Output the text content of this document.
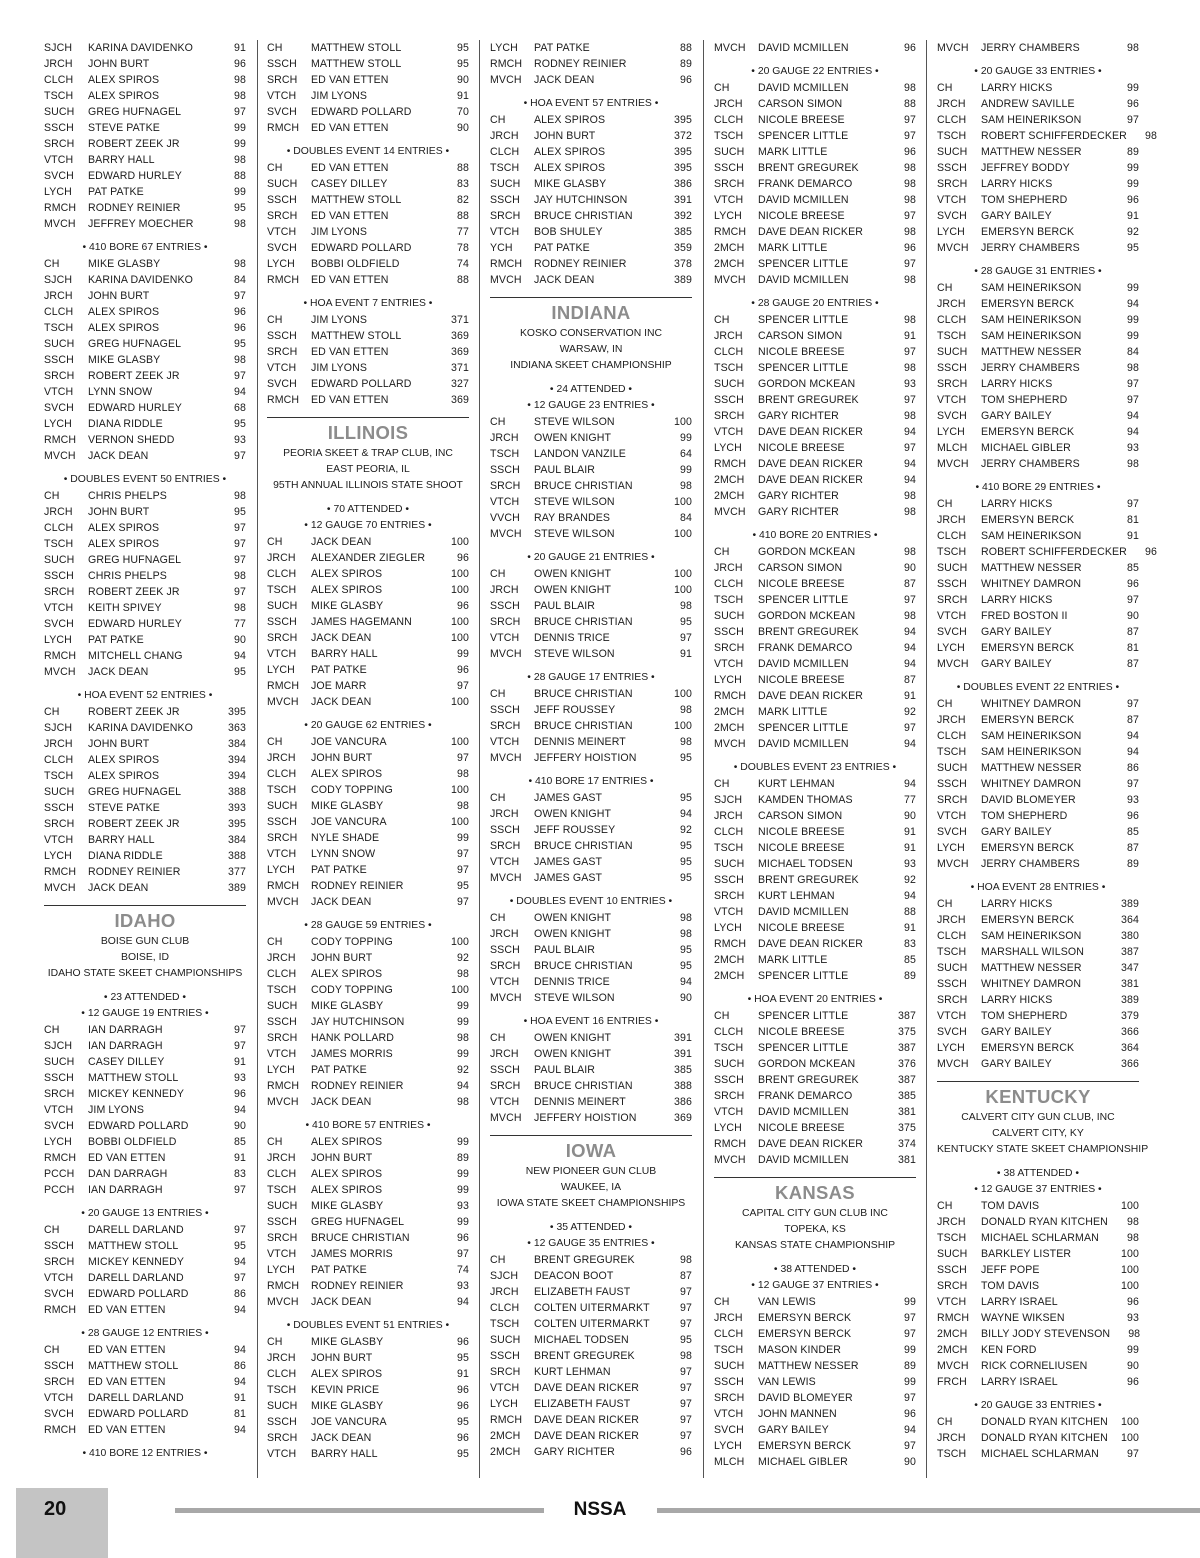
SJCH	KARINA DAVIDENKO	91
JRCH	JOHN BURT	96
CLCH	ALEX SPIROS	98
TSCH	ALEX SPIROS	98
SUCH	GREG HUFNAGEL	97
SSCH	STEVE PATKE	99
SRCH	ROBERT ZEEK JR	99
VTCH	BARRY HALL	98
SVCH	EDWARD HURLEY	88
LYCH	PAT PATKE	99
RMCH	RODNEY REINIER	95
MVCH	JEFFREY MOECHER	98
• 410 BORE 67 ENTRIES •
CH	MIKE GLASBY	98
SJCH	KARINA DAVIDENKO	84
JRCH	JOHN BURT	97
CLCH	ALEX SPIROS	96
TSCH	ALEX SPIROS	96
SUCH	GREG HUFNAGEL	95
SSCH	MIKE GLASBY	98
SRCH	ROBERT ZEEK JR	97
VTCH	LYNN SNOW	94
SVCH	EDWARD HURLEY	68
LYCH	DIANA RIDDLE	95
RMCH	VERNON SHEDD	93
MVCH	JACK DEAN	97
• DOUBLES EVENT 50 ENTRIES •
CH	CHRIS PHELPS	98
JRCH	JOHN BURT	95
CLCH	ALEX SPIROS	97
TSCH	ALEX SPIROS	97
SUCH	GREG HUFNAGEL	97
SSCH	CHRIS PHELPS	98
SRCH	ROBERT ZEEK JR	97
VTCH	KEITH SPIVEY	98
SVCH	EDWARD HURLEY	77
LYCH	PAT PATKE	90
RMCH	MITCHELL CHANG	94
MVCH	JACK DEAN	95
• HOA EVENT 52 ENTRIES •
CH	ROBERT ZEEK JR	395
SJCH	KARINA DAVIDENKO	363
JRCH	JOHN BURT	384
CLCH	ALEX SPIROS	394
TSCH	ALEX SPIROS	394
SUCH	GREG HUFNAGEL	388
SSCH	STEVE PATKE	393
SRCH	ROBERT ZEEK JR	395
VTCH	BARRY HALL	384
LYCH	DIANA RIDDLE	388
RMCH	RODNEY REINIER	377
MVCH	JACK DEAN	389
IDAHO
BOISE GUN CLUB
BOISE, ID
IDAHO STATE SKEET CHAMPIONSHIPS
• 23 ATTENDED •
• 12 GAUGE 19 ENTRIES •
CH	IAN DARRAGH	97
SJCH	IAN DARRAGH	97
SUCH	CASEY DILLEY	91
SSCH	MATTHEW STOLL	93
SRCH	MICKEY KENNEDY	96
VTCH	JIM LYONS	94
SVCH	EDWARD POLLARD	90
LYCH	BOBBI OLDFIELD	85
RMCH	ED VAN ETTEN	91
PCCH	DAN DARRAGH	83
PCCH	IAN DARRAGH	97
• 20 GAUGE 13 ENTRIES •
CH	DARELL DARLAND	97
SSCH	MATTHEW STOLL	95
SRCH	MICKEY KENNEDY	94
VTCH	DARELL DARLAND	97
SVCH	EDWARD POLLARD	86
RMCH	ED VAN ETTEN	94
• 28 GAUGE 12 ENTRIES •
CH	ED VAN ETTEN	94
SSCH	MATTHEW STOLL	86
SRCH	ED VAN ETTEN	94
VTCH	DARELL DARLAND	91
SVCH	EDWARD POLLARD	81
RMCH	ED VAN ETTEN	94
• 410 BORE 12 ENTRIES •
CH	MATTHEW STOLL	95
SSCH	MATTHEW STOLL	95
SRCH	ED VAN ETTEN	90
VTCH	JIM LYONS	91
SVCH	EDWARD POLLARD	70
RMCH	ED VAN ETTEN	90
• DOUBLES EVENT 14 ENTRIES •
CH	ED VAN ETTEN	88
SUCH	CASEY DILLEY	83
SSCH	MATTHEW STOLL	82
SRCH	ED VAN ETTEN	88
VTCH	JIM LYONS	77
SVCH	EDWARD POLLARD	78
LYCH	BOBBI OLDFIELD	74
RMCH	ED VAN ETTEN	88
• HOA EVENT 7 ENTRIES •
CH	JIM LYONS	371
SSCH	MATTHEW STOLL	369
SRCH	ED VAN ETTEN	369
VTCH	JIM LYONS	371
SVCH	EDWARD POLLARD	327
RMCH	ED VAN ETTEN	369
ILLINOIS
PEORIA SKEET & TRAP CLUB, INC
EAST PEORIA, IL
95TH ANNUAL ILLINOIS STATE SHOOT
• 70 ATTENDED •
• 12 GAUGE 70 ENTRIES •
CH	JACK DEAN	100
JRCH	ALEXANDER ZIEGLER	96
CLCH	ALEX SPIROS	100
TSCH	ALEX SPIROS	100
SUCH	MIKE GLASBY	96
SSCH	JAMES HAGEMANN	100
SRCH	JACK DEAN	100
VTCH	BARRY HALL	99
LYCH	PAT PATKE	96
RMCH	JOE MARR	97
MVCH	JACK DEAN	100
• 20 GAUGE 62 ENTRIES •
CH	JOE VANCURA	100
JRCH	JOHN BURT	97
CLCH	ALEX SPIROS	98
TSCH	CODY TOPPING	100
SUCH	MIKE GLASBY	98
SSCH	JOE VANCURA	100
SRCH	NYLE SHADE	99
VTCH	LYNN SNOW	97
LYCH	PAT PATKE	97
RMCH	RODNEY REINIER	95
MVCH	JACK DEAN	97
• 28 GAUGE 59 ENTRIES •
CH	CODY TOPPING	100
JRCH	JOHN BURT	92
CLCH	ALEX SPIROS	98
TSCH	CODY TOPPING	100
SUCH	MIKE GLASBY	99
SSCH	JAY HUTCHINSON	99
SRCH	HANK POLLARD	98
VTCH	JAMES MORRIS	99
LYCH	PAT PATKE	92
RMCH	RODNEY REINIER	94
MVCH	JACK DEAN	98
• 410 BORE 57 ENTRIES •
CH	ALEX SPIROS	99
JRCH	JOHN BURT	89
CLCH	ALEX SPIROS	99
TSCH	ALEX SPIROS	99
SUCH	MIKE GLASBY	93
SSCH	GREG HUFNAGEL	99
SRCH	BRUCE CHRISTIAN	96
VTCH	JAMES MORRIS	97
LYCH	PAT PATKE	74
RMCH	RODNEY REINIER	93
MVCH	JACK DEAN	94
• DOUBLES EVENT 51 ENTRIES •
CH	MIKE GLASBY	96
JRCH	JOHN BURT	95
CLCH	ALEX SPIROS	91
TSCH	KEVIN PRICE	96
SUCH	MIKE GLASBY	96
SSCH	JOE VANCURA	95
SRCH	JACK DEAN	96
VTCH	BARRY HALL	95
LYCH	PAT PATKE	88
RMCH	RODNEY REINIER	89
MVCH	JACK DEAN	96
• HOA EVENT 57 ENTRIES •
CH	ALEX SPIROS	395
JRCH	JOHN BURT	372
CLCH	ALEX SPIROS	395
TSCH	ALEX SPIROS	395
SUCH	MIKE GLASBY	386
SSCH	JAY HUTCHINSON	391
SRCH	BRUCE CHRISTIAN	392
VTCH	BOB SHULEY	385
YCH	PAT PATKE	359
RMCH	RODNEY REINIER	378
MVCH	JACK DEAN	389
INDIANA
KOSKO CONSERVATION INC
WARSAW, IN
INDIANA SKEET CHAMPIONSHIP
• 24 ATTENDED •
• 12 GAUGE 23 ENTRIES •
CH	STEVE WILSON	100
JRCH	OWEN KNIGHT	99
TSCH	LANDON VANZILE	64
SSCH	PAUL BLAIR	99
SRCH	BRUCE CHRISTIAN	98
VTCH	STEVE WILSON	100
VVCH	RAY BRANDES	84
MVCH	STEVE WILSON	100
• 20 GAUGE 21 ENTRIES •
CH	OWEN KNIGHT	100
JRCH	OWEN KNIGHT	100
SSCH	PAUL BLAIR	98
SRCH	BRUCE CHRISTIAN	95
VTCH	DENNIS TRICE	97
MVCH	STEVE WILSON	91
• 28 GAUGE 17 ENTRIES •
CH	BRUCE CHRISTIAN	100
SSCH	JEFF ROUSSEY	98
SRCH	BRUCE CHRISTIAN	100
VTCH	DENNIS MEINERT	98
MVCH	JEFFERY HOISTION	95
• 410 BORE 17 ENTRIES •
CH	JAMES GAST	95
JRCH	OWEN KNIGHT	94
SSCH	JEFF ROUSSEY	92
SRCH	BRUCE CHRISTIAN	95
VTCH	JAMES GAST	95
MVCH	JAMES GAST	95
• DOUBLES EVENT 10 ENTRIES •
CH	OWEN KNIGHT	98
JRCH	OWEN KNIGHT	98
SSCH	PAUL BLAIR	95
SRCH	BRUCE CHRISTIAN	95
VTCH	DENNIS TRICE	94
MVCH	STEVE WILSON	90
• HOA EVENT 16 ENTRIES •
CH	OWEN KNIGHT	391
JRCH	OWEN KNIGHT	391
SSCH	PAUL BLAIR	385
SRCH	BRUCE CHRISTIAN	388
VTCH	DENNIS MEINERT	386
MVCH	JEFFERY HOISTION	369
IOWA
NEW PIONEER GUN CLUB
WAUKEE, IA
IOWA STATE SKEET CHAMPIONSHIPS
• 35 ATTENDED •
• 12 GAUGE 35 ENTRIES •
CH	BRENT GREGUREK	98
SJCH	DEACON BOOT	87
JRCH	ELIZABETH FAUST	97
CLCH	COLTEN UITERMARKT	97
TSCH	COLTEN UITERMARKT	97
SUCH	MICHAEL TODSEN	95
SSCH	BRENT GREGUREK	98
SRCH	KURT LEHMAN	97
VTCH	DAVE DEAN RICKER	97
LYCH	ELIZABETH FAUST	97
RMCH	DAVE DEAN RICKER	97
2MCH	DAVE DEAN RICKER	97
2MCH	GARY RICHTER	96
MVCH	DAVID MCMILLEN	96
• 20 GAUGE 22 ENTRIES •
CH	DAVID MCMILLEN	98
JRCH	CARSON SIMON	88
CLCH	NICOLE BREESE	97
TSCH	SPENCER LITTLE	97
SUCH	MARK LITTLE	96
SSCH	BRENT GREGUREK	98
SRCH	FRANK DEMARCO	98
VTCH	DAVID MCMILLEN	98
LYCH	NICOLE BREESE	97
RMCH	DAVE DEAN RICKER	98
2MCH	MARK LITTLE	96
2MCH	SPENCER LITTLE	97
MVCH	DAVID MCMILLEN	98
• 28 GAUGE 20 ENTRIES •
CH	SPENCER LITTLE	98
JRCH	CARSON SIMON	91
CLCH	NICOLE BREESE	97
TSCH	SPENCER LITTLE	98
SUCH	GORDON MCKEAN	93
SSCH	BRENT GREGUREK	97
SRCH	GARY RICHTER	98
VTCH	DAVE DEAN RICKER	94
LYCH	NICOLE BREESE	97
RMCH	DAVE DEAN RICKER	94
2MCH	DAVE DEAN RICKER	94
2MCH	GARY RICHTER	98
MVCH	GARY RICHTER	98
• 410 BORE 20 ENTRIES •
CH	GORDON MCKEAN	98
JRCH	CARSON SIMON	90
CLCH	NICOLE BREESE	87
TSCH	SPENCER LITTLE	97
SUCH	GORDON MCKEAN	98
SSCH	BRENT GREGUREK	94
SRCH	FRANK DEMARCO	94
VTCH	DAVID MCMILLEN	94
LYCH	NICOLE BREESE	87
RMCH	DAVE DEAN RICKER	91
2MCH	MARK LITTLE	92
2MCH	SPENCER LITTLE	97
MVCH	DAVID MCMILLEN	94
• DOUBLES EVENT 23 ENTRIES •
CH	KURT LEHMAN	94
SJCH	KAMDEN THOMAS	77
JRCH	CARSON SIMON	90
CLCH	NICOLE BREESE	91
TSCH	NICOLE BREESE	91
SUCH	MICHAEL TODSEN	93
SSCH	BRENT GREGUREK	92
SRCH	KURT LEHMAN	94
VTCH	DAVID MCMILLEN	88
LYCH	NICOLE BREESE	91
RMCH	DAVE DEAN RICKER	83
2MCH	MARK LITTLE	85
2MCH	SPENCER LITTLE	89
• HOA EVENT 20 ENTRIES •
CH	SPENCER LITTLE	387
CLCH	NICOLE BREESE	375
TSCH	SPENCER LITTLE	387
SUCH	GORDON MCKEAN	376
SSCH	BRENT GREGUREK	387
SRCH	FRANK DEMARCO	385
VTCH	DAVID MCMILLEN	381
LYCH	NICOLE BREESE	375
RMCH	DAVE DEAN RICKER	374
MVCH	DAVID MCMILLEN	381
KANSAS
CAPITAL CITY GUN CLUB INC
TOPEKA, KS
KANSAS STATE CHAMPIONSHIP
• 38 ATTENDED •
• 12 GAUGE 37 ENTRIES •
CH	VAN LEWIS	99
JRCH	EMERSYN BERCK	97
CLCH	EMERSYN BERCK	97
TSCH	MASON KINDER	99
SUCH	MATTHEW NESSER	89
SSCH	VAN LEWIS	99
SRCH	DAVID BLOMEYER	97
VTCH	JOHN MANNEN	96
SVCH	GARY BAILEY	94
LYCH	EMERSYN BERCK	97
MLCH	MICHAEL GIBLER	90
MVCH	JERRY CHAMBERS	98
• 20 GAUGE 33 ENTRIES •
CH	LARRY HICKS	99
JRCH	ANDREW SAVILLE	96
CLCH	SAM HEINERIKSON	97
TSCH	ROBERT SCHIFFERDECKER	98
SUCH	MATTHEW NESSER	89
SSCH	JEFFREY BODDY	99
SRCH	LARRY HICKS	99
VTCH	TOM SHEPHERD	96
SVCH	GARY BAILEY	91
LYCH	EMERSYN BERCK	92
MVCH	JERRY CHAMBERS	95
• 28 GAUGE 31 ENTRIES •
CH	SAM HEINERIKSON	99
JRCH	EMERSYN BERCK	94
CLCH	SAM HEINERIKSON	99
TSCH	SAM HEINERIKSON	99
SUCH	MATTHEW NESSER	84
SSCH	JERRY CHAMBERS	98
SRCH	LARRY HICKS	97
VTCH	TOM SHEPHERD	97
SVCH	GARY BAILEY	94
LYCH	EMERSYN BERCK	94
MLCH	MICHAEL GIBLER	93
MVCH	JERRY CHAMBERS	98
• 410 BORE 29 ENTRIES •
CH	LARRY HICKS	97
JRCH	EMERSYN BERCK	81
CLCH	SAM HEINERIKSON	91
TSCH	ROBERT SCHIFFERDECKER	96
SUCH	MATTHEW NESSER	85
SSCH	WHITNEY DAMRON	96
SRCH	LARRY HICKS	97
VTCH	FRED BOSTON II	90
SVCH	GARY BAILEY	87
LYCH	EMERSYN BERCK	81
MVCH	GARY BAILEY	87
• DOUBLES EVENT 22 ENTRIES •
CH	WHITNEY DAMRON	97
JRCH	EMERSYN BERCK	87
CLCH	SAM HEINERIKSON	94
TSCH	SAM HEINERIKSON	94
SUCH	MATTHEW NESSER	86
SSCH	WHITNEY DAMRON	97
SRCH	DAVID BLOMEYER	93
VTCH	TOM SHEPHERD	96
SVCH	GARY BAILEY	85
LYCH	EMERSYN BERCK	87
MVCH	JERRY CHAMBERS	89
• HOA EVENT 28 ENTRIES •
CH	LARRY HICKS	389
JRCH	EMERSYN BERCK	364
CLCH	SAM HEINERIKSON	380
TSCH	MARSHALL WILSON	387
SUCH	MATTHEW NESSER	347
SSCH	WHITNEY DAMRON	381
SRCH	LARRY HICKS	389
VTCH	TOM SHEPHERD	379
SVCH	GARY BAILEY	366
LYCH	EMERSYN BERCK	364
MVCH	GARY BAILEY	366
KENTUCKY
CALVERT CITY GUN CLUB, INC
CALVERT CITY, KY
KENTUCKY STATE SKEET CHAMPIONSHIP
• 38 ATTENDED •
• 12 GAUGE 37 ENTRIES •
CH	TOM DAVIS	100
JRCH	DONALD RYAN KITCHEN	98
TSCH	MICHAEL SCHLARMAN	98
SUCH	BARKLEY LISTER	100
SSCH	JEFF POPE	100
SRCH	TOM DAVIS	100
VTCH	LARRY ISRAEL	96
RMCH	WAYNE WIKSEN	93
2MCH	BILLY JODY STEVENSON	98
2MCH	KEN FORD	99
MVCH	RICK CORNELIUSEN	90
FRCH	LARRY ISRAEL	96
• 20 GAUGE 33 ENTRIES •
CH	DONALD RYAN KITCHEN	100
JRCH	DONALD RYAN KITCHEN	100
TSCH	MICHAEL SCHLARMAN	97
20	NSSA
